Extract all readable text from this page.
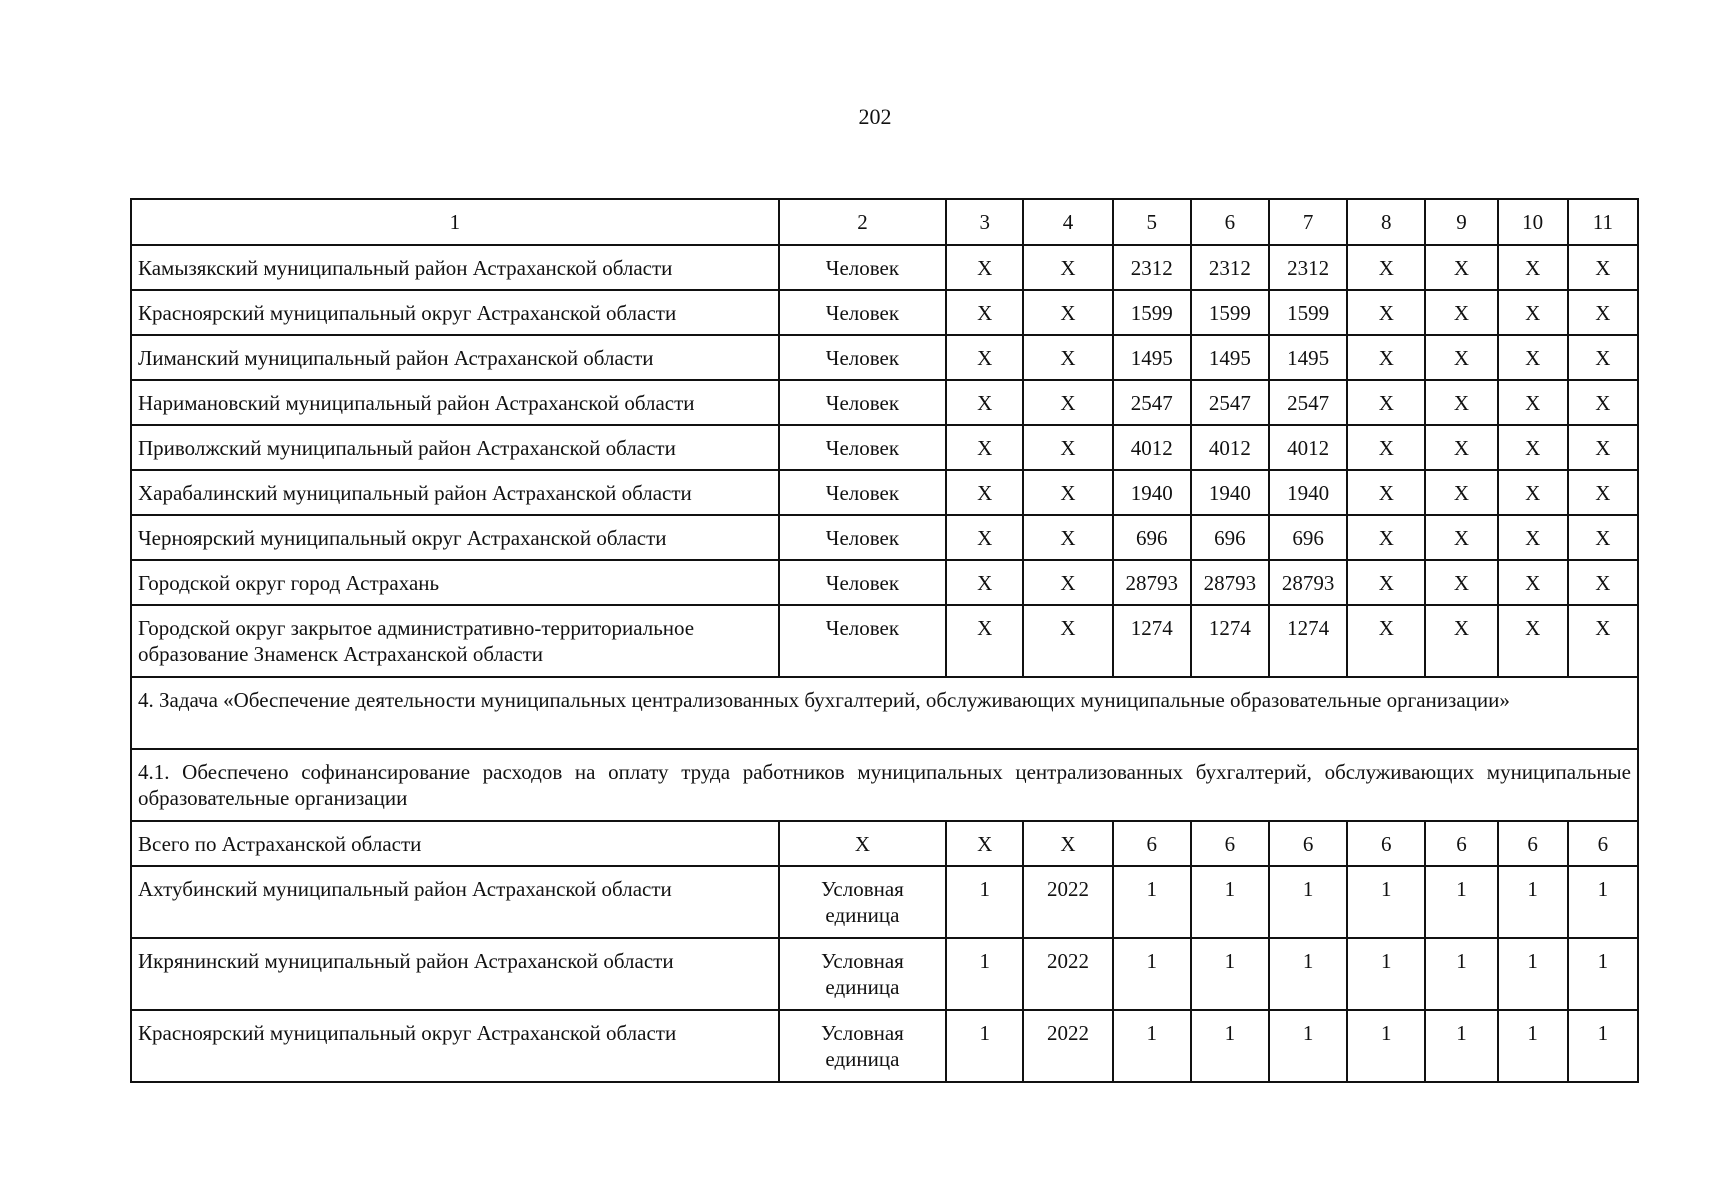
202
1	2	3	4	5	6	7	8	9	10	11
Камызякский муниципальный район Астраханской области	Человек	X	X	2312	2312	2312	X	X	X	X
Красноярский муниципальный округ Астраханской области	Человек	X	X	1599	1599	1599	X	X	X	X
Лиманский муниципальный район Астраханской области	Человек	X	X	1495	1495	1495	X	X	X	X
Наримановский муниципальный район Астраханской области	Человек	X	X	2547	2547	2547	X	X	X	X
Приволжский муниципальный район Астраханской области	Человек	X	X	4012	4012	4012	X	X	X	X
Харабалинский муниципальный район Астраханской области	Человек	X	X	1940	1940	1940	X	X	X	X
Черноярский муниципальный округ Астраханской области	Человек	X	X	696	696	696	X	X	X	X
Городской округ город Астрахань	Человек	X	X	28793	28793	28793	X	X	X	X
Городской округ закрытое административно-территориальное образование Знаменск Астраханской области	Человек	X	X	1274	1274	1274	X	X	X	X
4. Задача «Обеспечение деятельности муниципальных централизованных бухгалтерий, обслуживающих муниципальные образовательные организации»										
4.1. Обеспечено софинансирование расходов на оплату труда работников муниципальных централизованных бухгалтерий, обслуживающих муниципальные образовательные организации										
Всего по Астраханской области	X	X	X	6	6	6	6	6	6	6
Ахтубинский муниципальный район Астраханской области	Условная единица	1	2022	1	1	1	1	1	1	1
Икрянинский муниципальный район Астраханской области	Условная единица	1	2022	1	1	1	1	1	1	1
Красноярский муниципальный округ Астраханской области	Условная единица	1	2022	1	1	1	1	1	1	1
